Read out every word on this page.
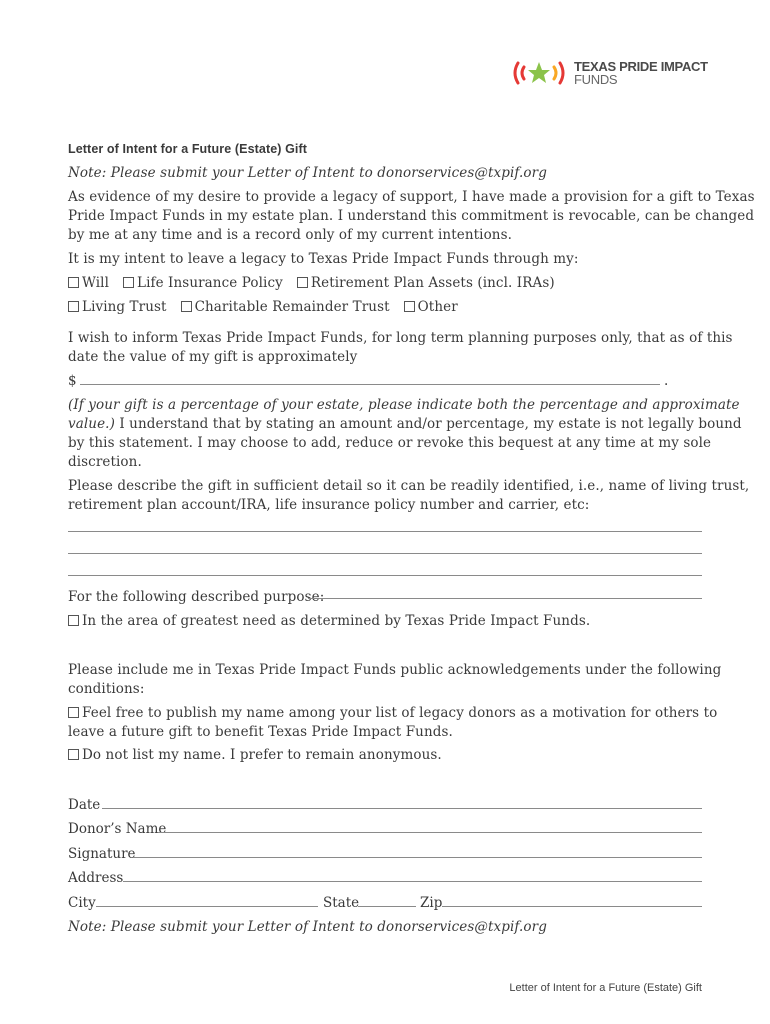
TEXAS PRIDE IMPACT
FUNDS
Letter of Intent for a Future (Estate) Gift
Note: Please submit your Letter of Intent to donorservices@txpif.org
As evidence of my desire to provide a legacy of support, I have made a provision for a gift to Texas
Pride Impact Funds in my estate plan. I understand this commitment is revocable, can be changed
by me at any time and is a record only of my current intentions.
It is my intent to leave a legacy to Texas Pride Impact Funds through my:
Will Life Insurance Policy Retirement Plan Assets (incl. IRAs)
Living Trust Charitable Remainder Trust Other
I wish to inform Texas Pride Impact Funds, for long term planning purposes only, that as of this
date the value of my gift is approximately
$	.
(If your gift is a percentage of your estate, please indicate both the percentage and approximate
value.) I understand that by stating an amount and/or percentage, my estate is not legally bound
by this statement. I may choose to add, reduce or revoke this bequest at any time at my sole
discretion.
Please describe the gift in sufficient detail so it can be readily identified, i.e., name of living trust,
retirement plan account/IRA, life insurance policy number and carrier, etc:
For the following described purpose:
In the area of greatest need as determined by Texas Pride Impact Funds.
Please include me in Texas Pride Impact Funds public acknowledgements under the following
conditions:
Feel free to publish my name among your list of legacy donors as a motivation for others to
leave a future gift to benefit Texas Pride Impact Funds.
Do not list my name. I prefer to remain anonymous.
Date
Donor’s Name
Signature
Address
City	State	Zip
Note: Please submit your Letter of Intent to donorservices@txpif.org
Letter of Intent for a Future (Estate) Gift
